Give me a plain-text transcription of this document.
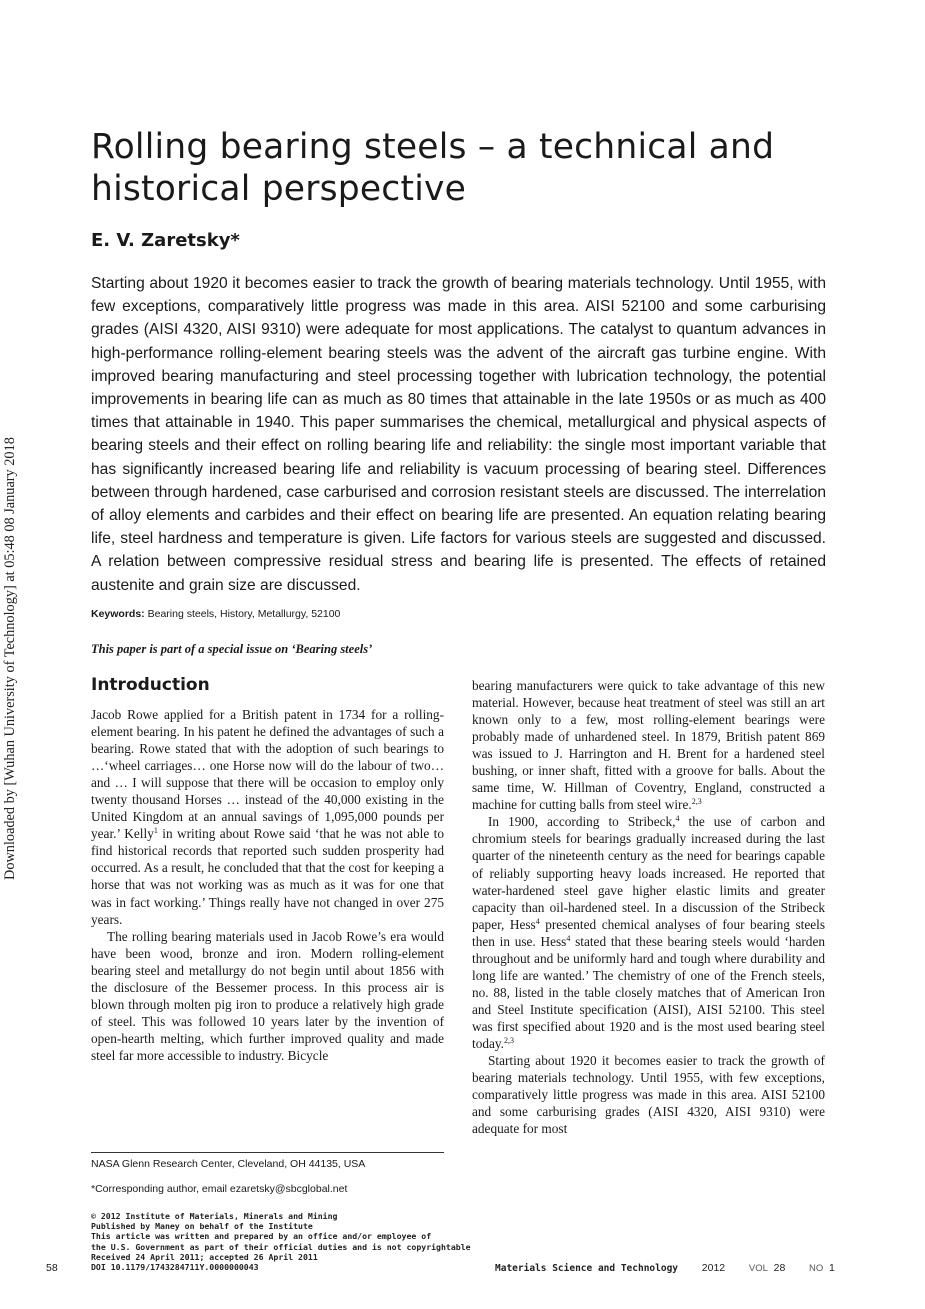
Downloaded by [Wuhan University of Technology] at 05:48 08 January 2018
Rolling bearing steels – a technical and historical perspective
E. V. Zaretsky*

Starting about 1920 it becomes easier to track the growth of bearing materials technology. Until 1955, with few exceptions, comparatively little progress was made in this area. AISI 52100 and some carburising grades (AISI 4320, AISI 9310) were adequate for most applications. The catalyst to quantum advances in high-performance rolling-element bearing steels was the advent of the aircraft gas turbine engine. With improved bearing manufacturing and steel processing together with lubrication technology, the potential improvements in bearing life can as much as 80 times that attainable in the late 1950s or as much as 400 times that attainable in 1940. This paper summarises the chemical, metallurgical and physical aspects of bearing steels and their effect on rolling bearing life and reliability: the single most important variable that has significantly increased bearing life and reliability is vacuum processing of bearing steel. Differences between through hardened, case carburised and corrosion resistant steels are discussed. The interrelation of alloy elements and carbides and their effect on bearing life are presented. An equation relating bearing life, steel hardness and temperature is given. Life factors for various steels are suggested and discussed. A relation between compressive residual stress and bearing life is presented. The effects of retained austenite and grain size are discussed.

Keywords: Bearing steels, History, Metallurgy, 52100
This paper is part of a special issue on ‘Bearing steels’
Introduction

Jacob Rowe applied for a British patent in 1734 for a rolling-element bearing. In his patent he defined the advantages of such a bearing. Rowe stated that with the adoption of such bearings to …‘wheel carriages… one Horse now will do the labour of two… and … I will suppose that there will be occasion to employ only twenty thousand Horses … instead of the 40,000 existing in the United Kingdom at an annual savings of 1,095,000 pounds per year.’ Kelly$^1$ in writing about Rowe said ‘that he was not able to find historical records that reported such sudden prosperity had occurred. As a result, he concluded that that the cost for keeping a horse that was not working was as much as it was for one that was in fact working.’ Things really have not changed in over 275 years.

The rolling bearing materials used in Jacob Rowe’s era would have been wood, bronze and iron. Modern rolling-element bearing steel and metallurgy do not begin until about 1856 with the disclosure of the Bessemer process. In this process air is blown through molten pig iron to produce a relatively high grade of steel. This was followed 10 years later by the invention of open-hearth melting, which further improved quality and made steel far more accessible to industry. Bicycle

bearing manufacturers were quick to take advantage of this new material. However, because heat treatment of steel was still an art known only to a few, most rolling-element bearings were probably made of unhardened steel. In 1879, British patent 869 was issued to J. Harrington and H. Brent for a hardened steel bushing, or inner shaft, fitted with a groove for balls. About the same time, W. Hillman of Coventry, England, constructed a machine for cutting balls from steel wire.$^{2,3}$

In 1900, according to Stribeck,$^4$ the use of carbon and chromium steels for bearings gradually increased during the last quarter of the nineteenth century as the need for bearings capable of reliably supporting heavy loads increased. He reported that water-hardened steel gave higher elastic limits and greater capacity than oil-hardened steel. In a discussion of the Stribeck paper, Hess$^4$ presented chemical analyses of four bearing steels then in use. Hess$^4$ stated that these bearing steels would ‘harden throughout and be uniformly hard and tough where durability and long life are wanted.’ The chemistry of one of the French steels, no. 88, listed in the table closely matches that of American Iron and Steel Institute specification (AISI), AISI 52100. This steel was first specified about 1920 and is the most used bearing steel today.$^{2,3}$

Starting about 1920 it becomes easier to track the growth of bearing materials technology. Until 1955, with few exceptions, comparatively little progress was made in this area. AISI 52100 and some carburising grades (AISI 4320, AISI 9310) were adequate for most

NASA Glenn Research Center, Cleveland, OH 44135, USA
*Corresponding author, email ezaretsky@sbcglobal.net
© 2012 Institute of Materials, Minerals and Mining
Published by Maney on behalf of the Institute
This article was written and prepared by an office and/or employee of
the U.S. Government as part of their official duties and is not copyrightable
Received 24 April 2011; accepted 26 April 2011
DOI 10.1179/1743284711Y.0000000043
58	Materials Science and Technology 2012 VOL 28 NO 1
